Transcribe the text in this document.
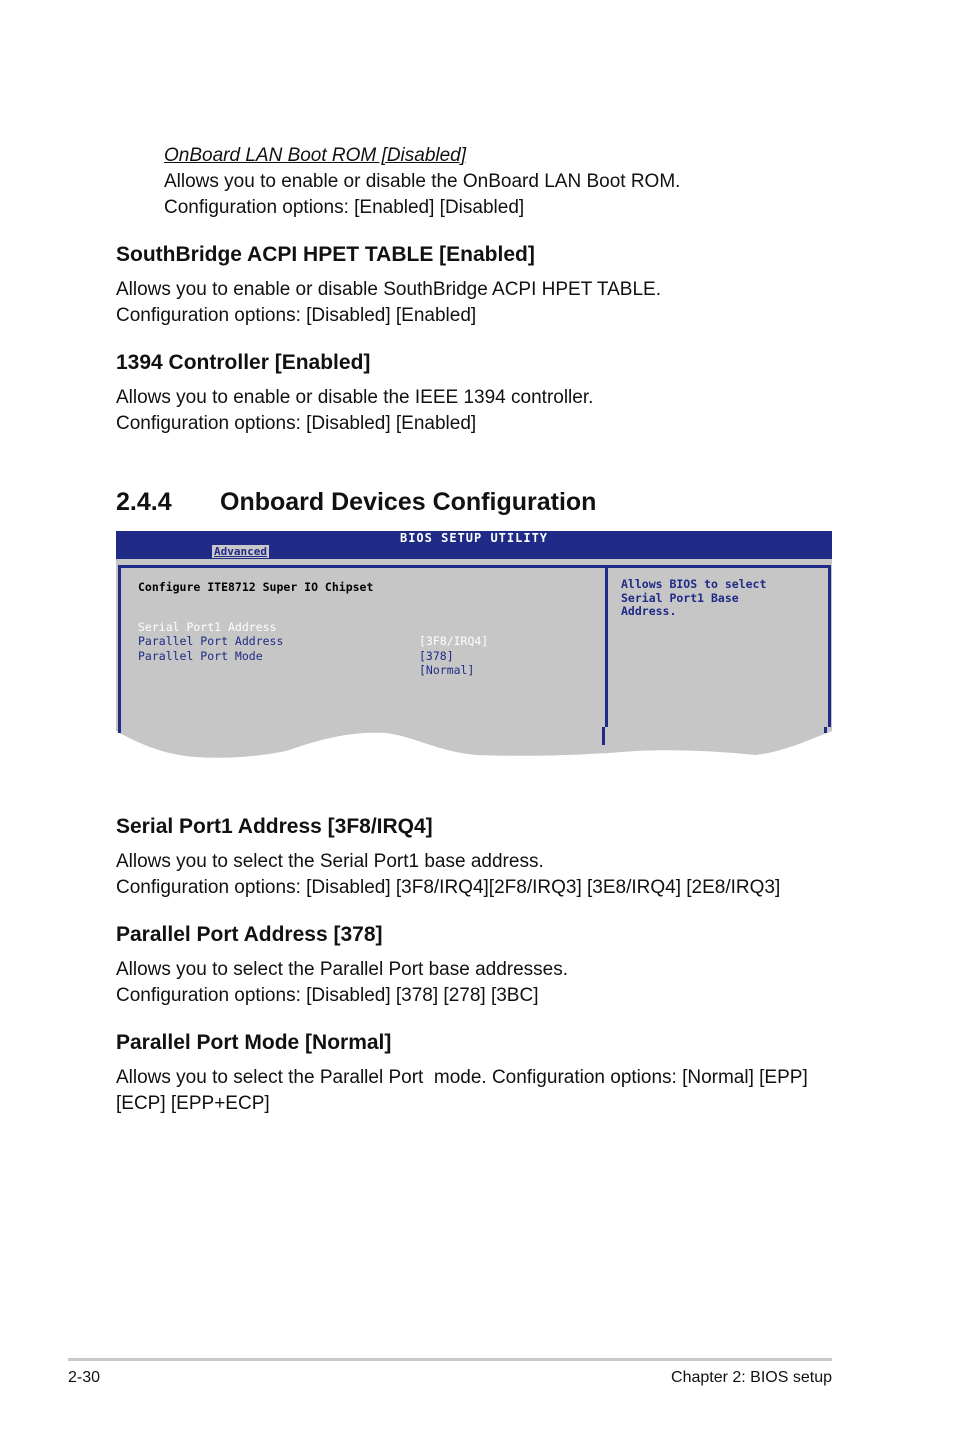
OnBoard LAN Boot ROM [Disabled]
Allows you to enable or disable the OnBoard LAN Boot ROM.
Configuration options: [Enabled] [Disabled]
SouthBridge ACPI HPET TABLE [Enabled]
Allows you to enable or disable SouthBridge ACPI HPET TABLE.
Configuration options: [Disabled] [Enabled]
1394 Controller [Enabled]
Allows you to enable or disable the IEEE 1394 controller.
Configuration options: [Disabled] [Enabled]
2.4.4 Onboard Devices Configuration
BIOS SETUP UTILITY
Advanced
Configure ITE8712 Super IO Chipset

Serial Port1 Address

[3F8/IRQ4]

Parallel Port Address

[378]

Parallel Port Mode

[Normal]

Allows BIOS to select
Serial Port1 Base
Address.
Serial Port1 Address [3F8/IRQ4]
Allows you to select the Serial Port1 base address.
Configuration options: [Disabled] [3F8/IRQ4][2F8/IRQ3] [3E8/IRQ4] [2E8/IRQ3]
Parallel Port Address [378]
Allows you to select the Parallel Port base addresses.
Configuration options: [Disabled] [378] [278] [3BC]
Parallel Port Mode [Normal]
Allows you to select the Parallel Port  mode. Configuration options: [Normal] [EPP]
[ECP] [EPP+ECP]
2-30	Chapter 2: BIOS setup
